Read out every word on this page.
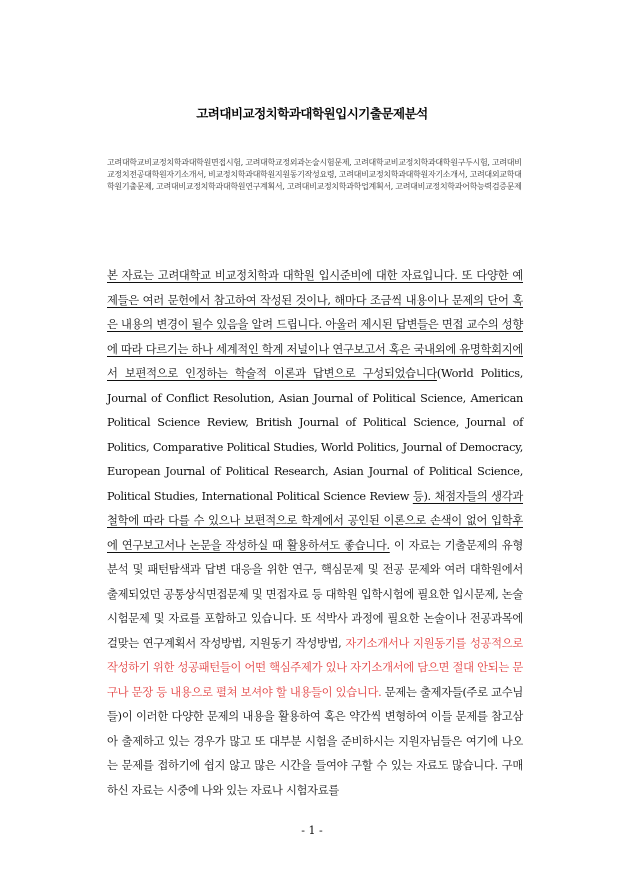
고려대비교정치학과대학원입시기출문제분석
고려대학교비교정치학과대학원면접시험, 고려대학교정외과논술시험문제, 고려대학교비교정치학과대학원구두시험, 고려대비교정치전공대학원자기소개서, 비교정치학과대학원지원동기작성요령, 고려대비교정치학과대학원자기소개서, 고려대외교학대학원기출문제, 고려대비교정치학과대학원연구계획서, 고려대비교정치학과학업계획서, 고려대비교정치학과어학능력검증문제
본 자료는 고려대학교 비교정치학과 대학원 입시준비에 대한 자료입니다. 또 다양한 예제들은 여러 문헌에서 참고하여 작성된 것이나, 해마다 조금씩 내용이나 문제의 단어 혹은 내용의 변경이 될수 있음을 알려 드립니다. 아울러 제시된 답변들은 면접 교수의 성향에 따라 다르기는 하나 세계적인 학계 저널이나 연구보고서 혹은 국내외에 유명학회지에서 보편적으로 인정하는 학술적 이론과 답변으로 구성되었습니다(World Politics, Journal of Conflict Resolution, Asian Journal of Political Science, American Political Science Review, British Journal of Political Science, Journal of Politics, Comparative Political Studies, World Politics, Journal of Democracy, European Journal of Political Research, Asian Journal of Political Science, Political Studies, International Political Science Review 등). 채점자들의 생각과 철학에 따라 다를 수 있으나 보편적으로 학계에서 공인된 이론으로 손색이 없어 입학후에 연구보고서나 논문을 작성하실 때 활용하셔도 좋습니다. 이 자료는 기출문제의 유형분석 및 패턴탐색과 답변 대응을 위한 연구, 핵심문제 및 전공 문제와 여러 대학원에서 출제되었던 공통상식면접문제 및 면접자료 등 대학원 입학시험에 필요한 입시문제, 논술시험문제 및 자료를 포함하고 있습니다. 또 석박사 과정에 필요한 논술이나 전공과목에 걸맞는 연구계획서 작성방법, 지원동기 작성방법, 자기소개서나 지원동기를 성공적으로 작성하기 위한 성공패턴들이 어떤 핵심주제가 있나 자기소개서에 담으면 절대 안되는 문구나 문장 등 내용으로 펼쳐 보셔야 할 내용들이 있습니다. 문제는 출제자들(주로 교수님들)이 이러한 다양한 문제의 내용을 활용하여 혹은 약간씩 변형하여 이들 문제를 참고삼아 출제하고 있는 경우가 많고 또 대부분 시험을 준비하시는 지원자님들은 여기에 나오는 문제를 접하기에 쉽지 않고 많은 시간을 들여야 구할 수 있는 자료도 많습니다. 구매하신 자료는 시중에 나와 있는 자료나 시험자료를
- 1 -
